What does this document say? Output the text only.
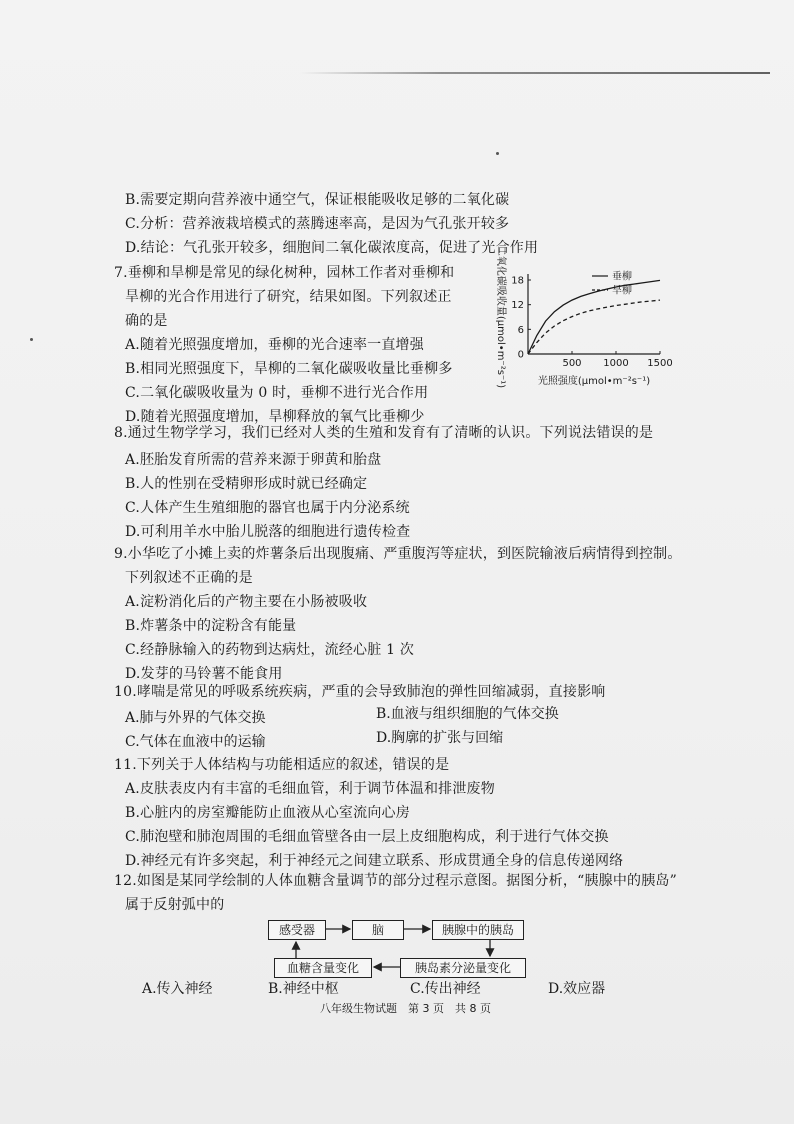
B.需要定期向营养液中通空气，保证根能吸收足够的二氧化碳

C.分析：营养液栽培模式的蒸腾速率高，是因为气孔张开较多

D.结论：气孔张开较多，细胞间二氧化碳浓度高，促进了光合作用

7.垂柳和旱柳是常见的绿化树种，园林工作者对垂柳和

旱柳的光合作用进行了研究，结果如图。下列叙述正

确的是

A.随着光照强度增加，垂柳的光合速率一直增强

B.相同光照强度下，旱柳的二氧化碳吸收量比垂柳多

C.二氧化碳吸收量为 0 时，垂柳不进行光合作用

D.随着光照强度增加，旱柳释放的氧气比垂柳少

500 1000 1500
0
6
12
18	垂柳
旱柳
光照强度(μmol•m⁻²s⁻¹)
二氧化碳吸收量(μmol•m⁻²s⁻¹)

8.通过生物学学习，我们已经对人类的生殖和发育有了清晰的认识。下列说法错误的是

A.胚胎发育所需的营养来源于卵黄和胎盘

B.人的性别在受精卵形成时就已经确定

C.人体产生生殖细胞的器官也属于内分泌系统

D.可利用羊水中胎儿脱落的细胞进行遗传检查

9.小华吃了小摊上卖的炸薯条后出现腹痛、严重腹泻等症状，到医院输液后病情得到控制。

下列叙述不正确的是

A.淀粉消化后的产物主要在小肠被吸收

B.炸薯条中的淀粉含有能量

C.经静脉输入的药物到达病灶，流经心脏 1 次

D.发芽的马铃薯不能食用

10.哮喘是常见的呼吸系统疾病，严重的会导致肺泡的弹性回缩减弱，直接影响

A.肺与外界的气体交换	B.血液与组织细胞的气体交换

C.气体在血液中的运输	D.胸廓的扩张与回缩

11.下列关于人体结构与功能相适应的叙述，错误的是

A.皮肤表皮内有丰富的毛细血管，利于调节体温和排泄废物

B.心脏内的房室瓣能防止血液从心室流向心房

C.肺泡壁和肺泡周围的毛细血管壁各由一层上皮细胞构成，利于进行气体交换

D.神经元有许多突起，利于神经元之间建立联系、形成贯通全身的信息传递网络

12.如图是某同学绘制的人体血糖含量调节的部分过程示意图。据图分析，“胰腺中的胰岛”

属于反射弧中的

感受器	脑	胰腺中的胰岛
胰岛素分泌量变化
血糖含量变化

A.传入神经	B.神经中枢	C.传出神经	D.效应器

八年级生物试题　第 3 页　共 8 页
